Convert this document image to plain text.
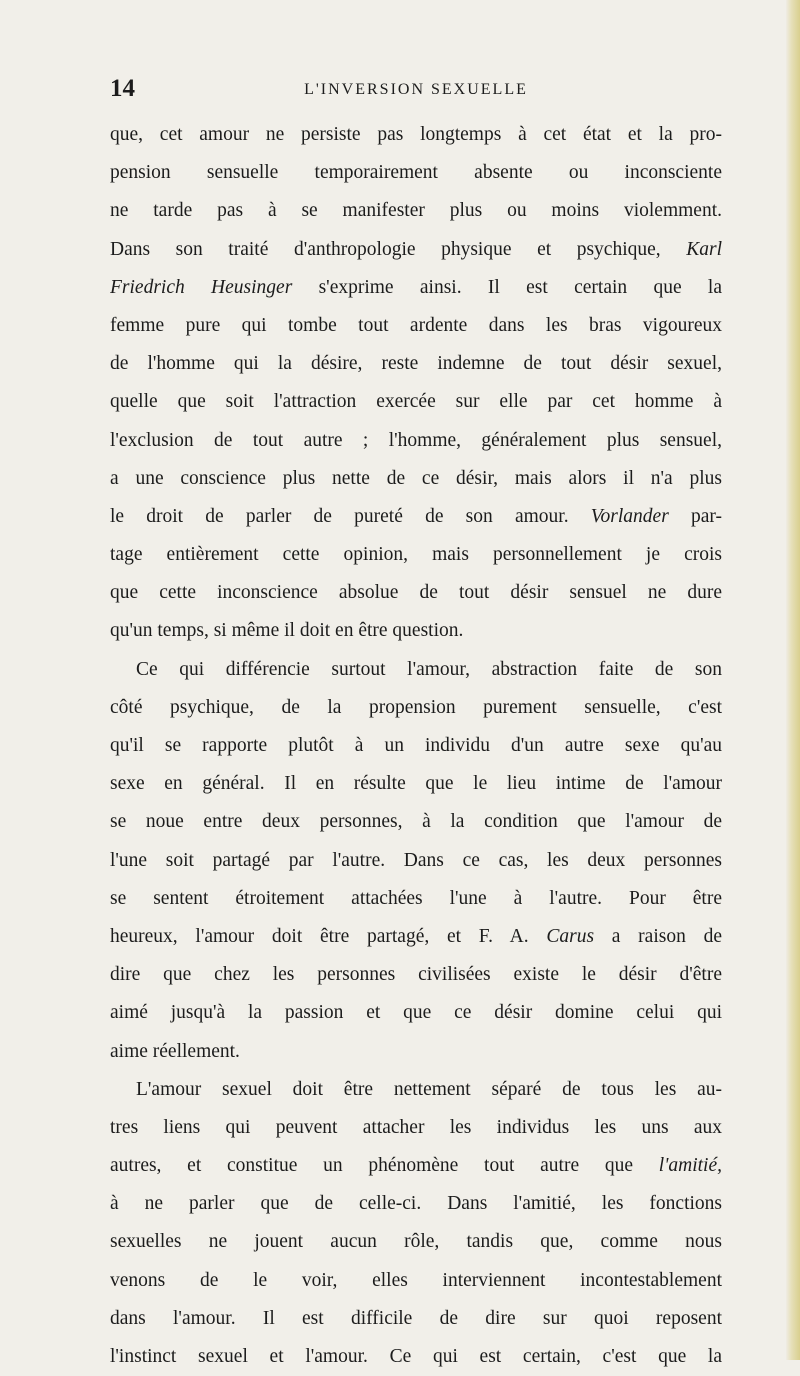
14	L'INVERSION SEXUELLE
que, cet amour ne persiste pas longtemps à cet état et la pro-
pension sensuelle temporairement absente ou inconsciente
ne tarde pas à se manifester plus ou moins violemment.
Dans son traité d'anthropologie physique et psychique, Karl
Friedrich Heusinger s'exprime ainsi. Il est certain que la
femme pure qui tombe tout ardente dans les bras vigoureux
de l'homme qui la désire, reste indemne de tout désir sexuel,
quelle que soit l'attraction exercée sur elle par cet homme à
l'exclusion de tout autre ; l'homme, généralement plus sensuel,
a une conscience plus nette de ce désir, mais alors il n'a plus
le droit de parler de pureté de son amour. Vorlander par-
tage entièrement cette opinion, mais personnellement je crois
que cette inconscience absolue de tout désir sensuel ne dure
qu'un temps, si même il doit en être question.
Ce qui différencie surtout l'amour, abstraction faite de son
côté psychique, de la propension purement sensuelle, c'est
qu'il se rapporte plutôt à un individu d'un autre sexe qu'au
sexe en général. Il en résulte que le lieu intime de l'amour
se noue entre deux personnes, à la condition que l'amour de
l'une soit partagé par l'autre. Dans ce cas, les deux personnes
se sentent étroitement attachées l'une à l'autre. Pour être
heureux, l'amour doit être partagé, et F. A. Carus a raison de
dire que chez les personnes civilisées existe le désir d'être
aimé jusqu'à la passion et que ce désir domine celui qui
aime réellement.
L'amour sexuel doit être nettement séparé de tous les au-
tres liens qui peuvent attacher les individus les uns aux
autres, et constitue un phénomène tout autre que l'amitié,
à ne parler que de celle-ci. Dans l'amitié, les fonctions
sexuelles ne jouent aucun rôle, tandis que, comme nous
venons de le voir, elles interviennent incontestablement
dans l'amour. Il est difficile de dire sur quoi reposent
l'instinct sexuel et l'amour. Ce qui est certain, c'est que la
